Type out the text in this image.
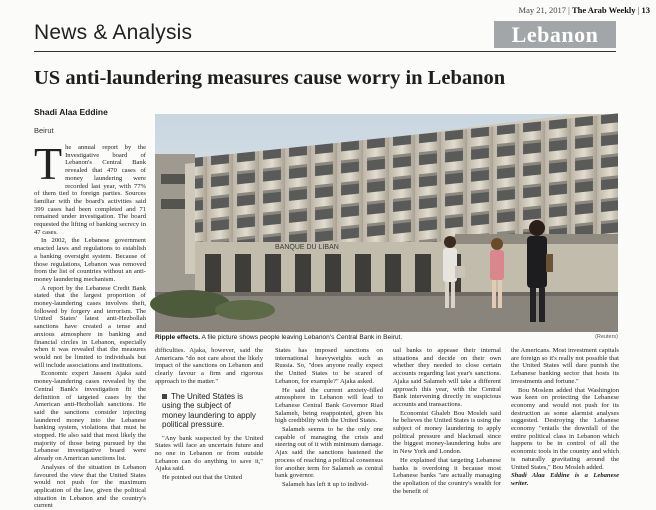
May 21, 2017 | The Arab Weekly | 13
News & Analysis	Lebanon
US anti-laundering measures cause worry in Lebanon
Shadi Alaa Eddine
Beirut
T he annual report by the Investigative board of Lebanon's Central Bank revealed that 470 cases of money laundering were recorded last year, with 77% of them tied to foreign parties. Sources familiar with the board's activities said 399 cases had been completed and 71 remained under investigation. The board requested the lifting of banking secrecy in 47 cases.

In 2002, the Lebanese government enacted laws and regulations to establish a banking oversight system. Because of those regulations, Lebanon was removed from the list of countries without an anti-money laundering mechanism.

A report by the Lebanese Credit Bank stated that the largest proportion of money-laundering cases involves theft, followed by forgery and terrorism. The United States' latest anti-Hezbollah sanctions have created a tense and anxious atmosphere in banking and financial circles in Lebanon, especially when it was revealed that the measures would not be limited to individuals but will include associations and institutions.

Economic expert Jassem Ajaka said money-laundering cases revealed by the Central Bank's investigation fit the definition of targeted cases by the American anti-Hezbollah sanctions. He said the sanctions consider injecting laundered money into the Lebanese banking system, violations that must be stopped. He also said that most likely the majority of those being pursued by the Lebanese investigative board were already on American sanctions list.

Analyses of the situation in Lebanon favoured the view that the United States would not push for the maximum application of the law, given the political situation in Lebanon and the country's current

BANQUE DU LIBAN
Ripple effects. A file picture shows people leaving Lebanon's Central Bank in Beirut.	(Reuters)

difficulties. Ajaka, however, said the Americans "do not care about the likely impact of the sanctions on Lebanon and clearly favour a firm and rigorous approach to the matter."

"Any bank suspected by the United States will face an uncertain future and no one in Lebanon or from outside Lebanon can do anything to save it," Ajaka said.

He pointed out that the United

The United States is using the subject of money laundering to apply political pressure.

States has imposed sanctions on international heavyweights such as Russia. So, "does anyone really expect the United States to be scared of Lebanon, for example?" Ajaka asked.

He said the current anxiety-filled atmosphere in Lebanon will lead to Lebanese Central Bank Governor Riad Salameh, being reappointed, given his high credibility with the United States.

Salameh seems to be the only one capable of managing the crisis and steering out of it with minimum damage. Ajax said the sanctions hastened the process of reaching a political consensus for another term for Salameh as central bank governor.

Salameh has left it up to individ-

ual banks to appease their internal situations and decide on their own whether they needed to close certain accounts regarding last year's sanctions. Ajaka said Salameh will take a different approach this year, with the Central Bank intervening directly in suspicious accounts and transactions.

Economist Ghaleb Bou Mosleh said he believes the United States is using the subject of money laundering to apply political pressure and blackmail since the biggest money-laundering hubs are in New York and London.

He explained that targeting Lebanese banks is overdoing it because most Lebanese banks "are actually managing the spoliation of the country's wealth for the benefit of

the Americans. Most investment capitals are foreign so it's really not possible that the United States will dare punish the Lebanese banking sector that hosts its investments and fortune."

Bou Moslem added that Washington was keen on protecting the Lebanese economy and would not push for its destruction as some alarmist analyses suggested. Destroying the Lebanese economy "entails the downfall of the entire political class in Lebanon which happens to be in control of all the economic tools in the country and which is naturally gravitating around the United States," Bou Mosleh added.

Shadi Alaa Eddine is a Lebanese writer.
